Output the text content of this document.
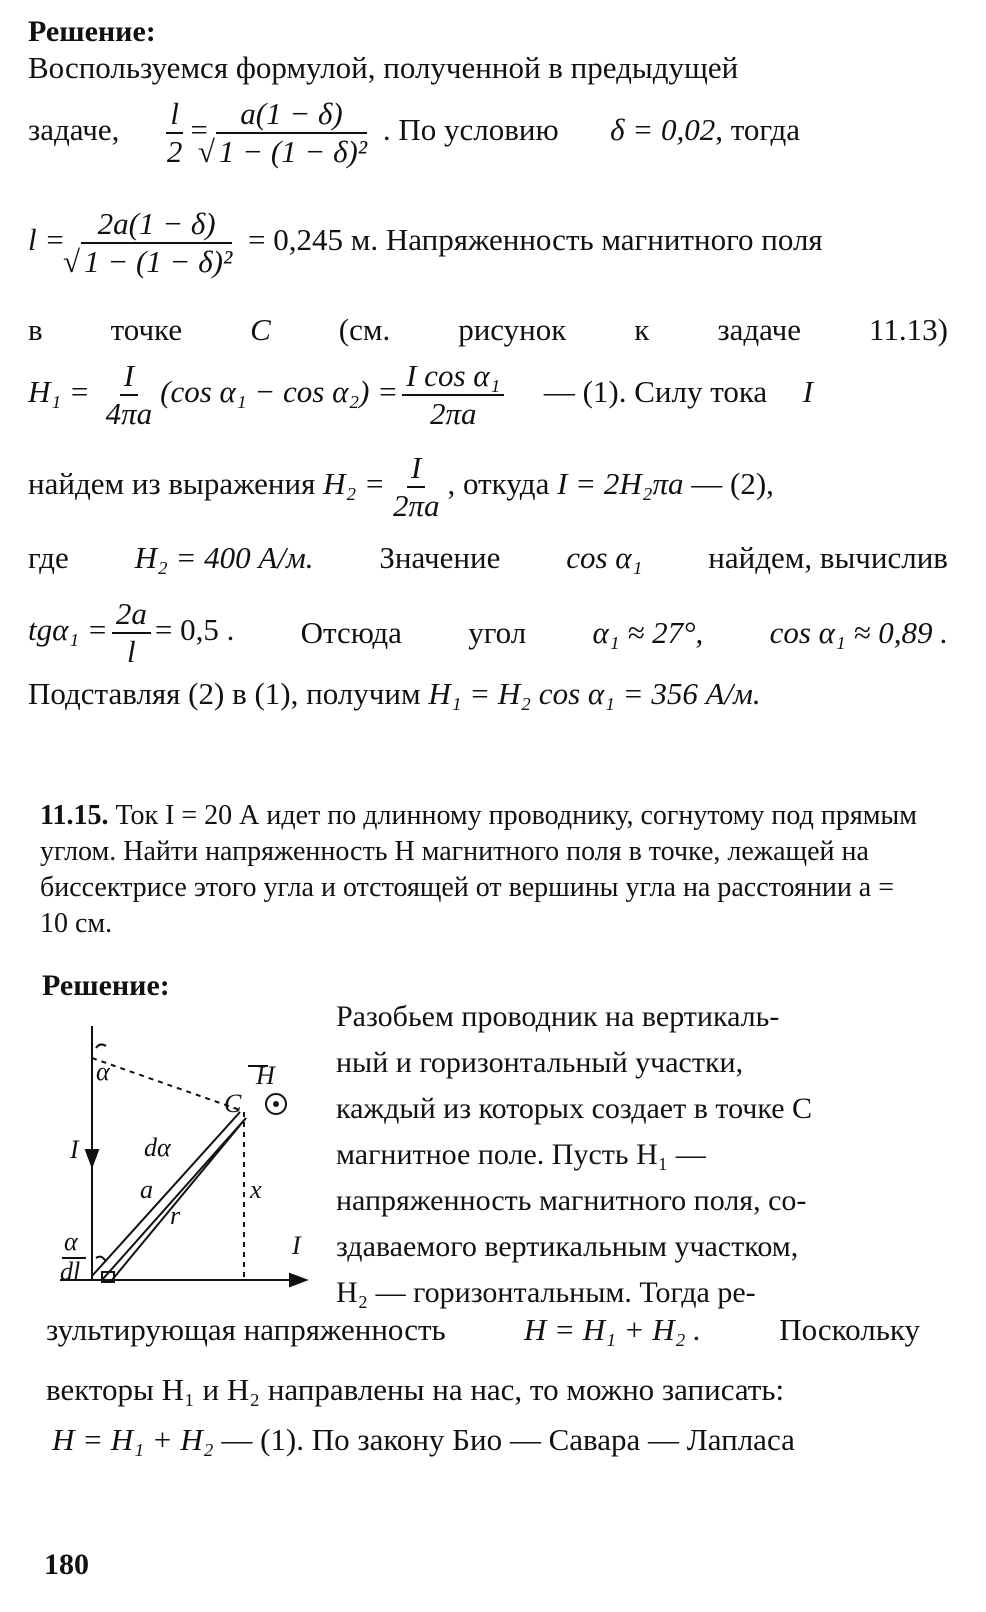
Решение:
Воспользуемся формулой, полученной в предыдущей
задаче, $\frac{l}{2} = a(1 - \delta)$
√ 1 − (1 − δ)² . По условию δ = 0,02, тогда
l = 2a(1 − δ)
√ 1 − (1 − δ)² = 0,245 м. Напряженность магнитного поля
в точке C (см. рисунок к задаче 11.13)
$H_1 = \frac{I}{4\pi a} (\cos$ $\alpha_1 - \cos \alpha_2) = \frac{\text{I cos α₁}}{2\pi a}$ — (1). Силу тока I
найдем из выражения $H_2 = \frac{I}{2\pi a}$ , откуда I = 2H₂πa — (2),
где H₂ = 400 А/м. Значение cos α₁ найдем, вычислив
$tg\alpha_1 = \frac{2a}{l} = 0,5$ . Отсюда угол α₁ ≈ 27°, cos α₁ ≈ 0,89 .
Подставляя (2) в (1), получим H₁ = H₂ cos α₁ = 356 А/м.
11.15. Ток I = 20 А идет по длинному проводнику, согнутому под прямым углом. Найти напряженность H магнитного поля в точке, лежащей на биссектрисе этого угла и отстоящей от вершины угла на расстоянии a = 10 см.
Решение:
α	H →
C
I	dα
a
r
x
α
dl
I
Разобьем проводник на вертикаль-
ный и горизонтальный участки,
каждый из которых создает в точке C
магнитное поле. Пусть H₁ —
напряженность магнитного поля, со-
здаваемого вертикальным участком,
H₂ — горизонтальным. Тогда ре-
зультирующая напряженность	H = H₁ + H₂ .	Поскольку
векторы H₁ и H₂ направлены на нас, то можно записать:
H = H₁ + H₂ — (1). По закону Био — Савара — Лапласа
180
